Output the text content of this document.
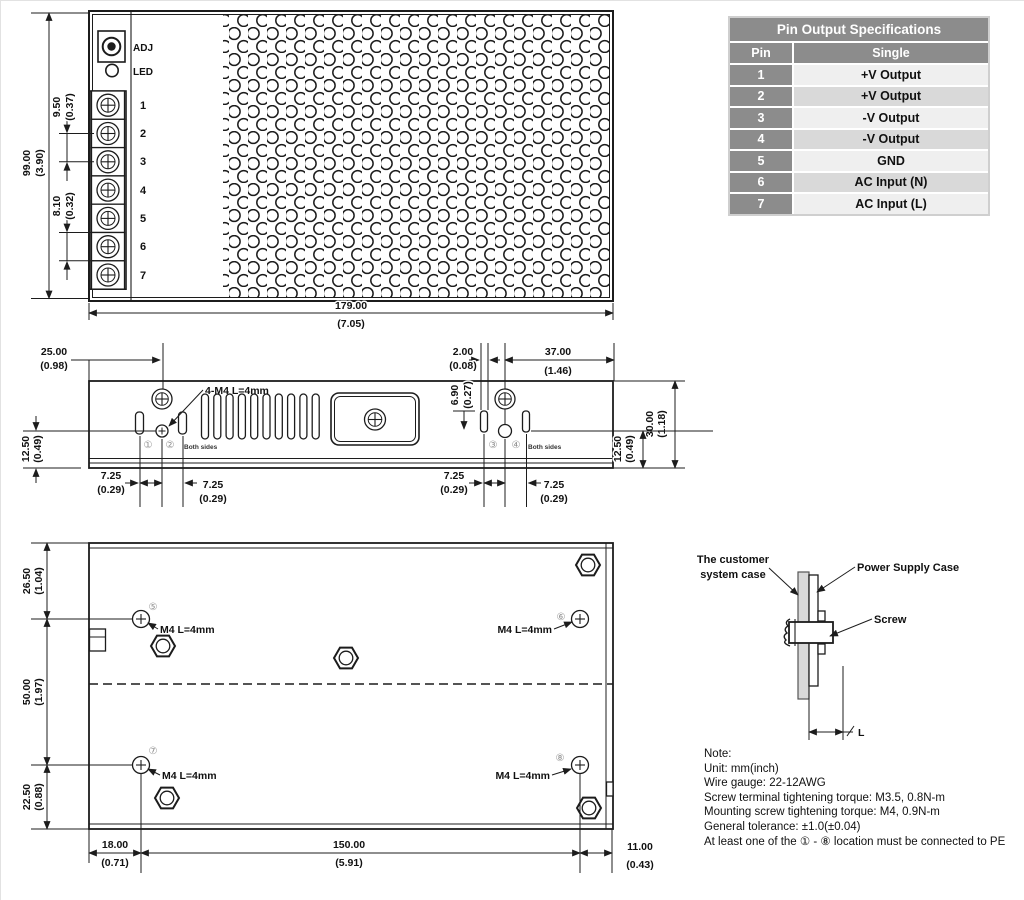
ADJ
LED
1
2
3
4
5
6
7
99.00 (3.90)
9.50 (0.37)
8.10 (0.32)
179.00
(7.05)
Pin Output Specifications
Pin	Single
1	+V Output
2	+V Output
3	-V Output
4	-V Output
5	GND
6	AC Input (N)
7	AC Input (L)
① ② Both sides	③ ④ Both sides
4-M4 L=4mm
25.00
(0.98)
2.00
(0.08)
37.00
(1.46)
6.90 (0.27)
30.00 (1.18)
12.50 (0.49)
12.50 (0.49)
7.25
(0.29)	7.25
(0.29)
7.25
(0.29)	7.25
(0.29)
⑤
M4 L=4mm
⑥
M4 L=4mm
⑦
M4 L=4mm
⑧
M4 L=4mm
26.50 (1.04)
50.00 (1.97)
22.50 (0.88)
18.00
(0.71)
150.00
(5.91)
11.00
(0.43)
The customer
system case
Power Supply Case
Screw
L
Note:
Unit: mm(inch)
Wire gauge: 22-12AWG
Screw terminal tightening torque: M3.5, 0.8N-m
Mounting screw tightening torque: M4, 0.9N-m
General tolerance: ±1.0(±0.04)
At least one of the ① - ⑧ location must be connected to PE
